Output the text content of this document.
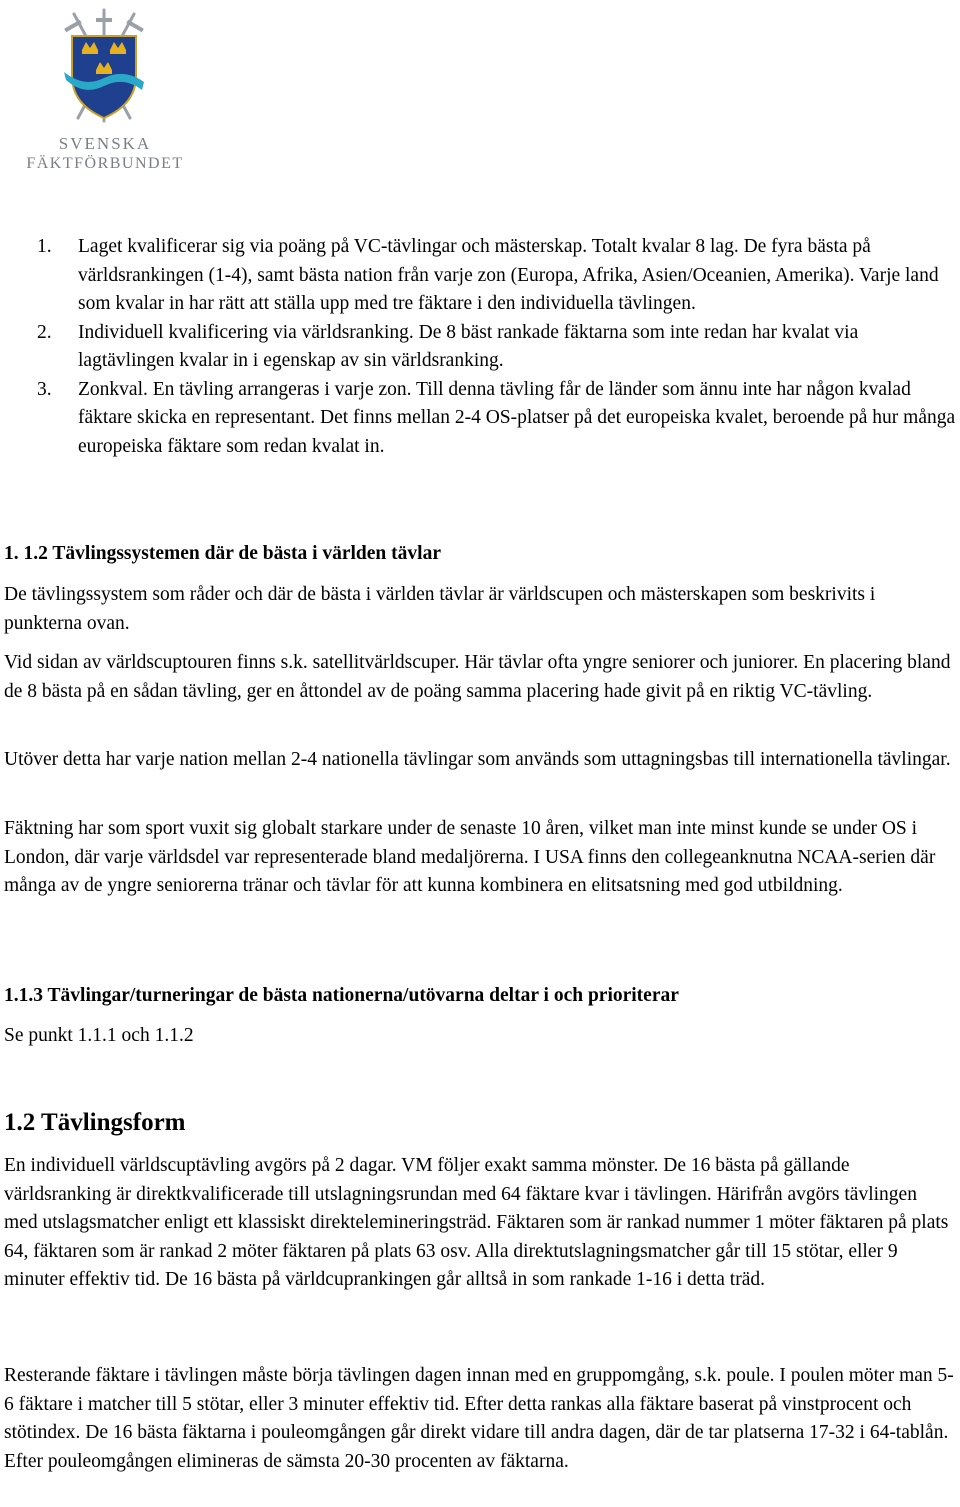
SVENSKA
FÄKTFÖRBUNDET
1. Laget kvalificerar sig via poäng på VC-tävlingar och mästerskap. Totalt kvalar 8 lag. De fyra bästa på världsrankingen (1-4), samt bästa nation från varje zon (Europa, Afrika, Asien/Oceanien, Amerika). Varje land som kvalar in har rätt att ställa upp med tre fäktare i den individuella tävlingen.
2. Individuell kvalificering via världsranking. De 8 bäst rankade fäktarna som inte redan har kvalat via lagtävlingen kvalar in i egenskap av sin världsranking.
3. Zonkval. En tävling arrangeras i varje zon. Till denna tävling får de länder som ännu inte har någon kvalad fäktare skicka en representant. Det finns mellan 2-4 OS-platser på det europeiska kvalet, beroende på hur många europeiska fäktare som redan kvalat in.
1. 1.2 Tävlingssystemen där de bästa i världen tävlar

De tävlingssystem som råder och där de bästa i världen tävlar är världscupen och mästerskapen som beskrivits i punkterna ovan.

Vid sidan av världscuptouren finns s.k. satellitvärldscuper. Här tävlar ofta yngre seniorer och juniorer. En placering bland de 8 bästa på en sådan tävling, ger en åttondel av de poäng samma placering hade givit på en riktig VC-tävling.

Utöver detta har varje nation mellan 2-4 nationella tävlingar som används som uttagningsbas till internationella tävlingar.

Fäktning har som sport vuxit sig globalt starkare under de senaste 10 åren, vilket man inte minst kunde se under OS i London, där varje världsdel var representerade bland medaljörerna. I USA finns den collegeanknutna NCAA-serien där många av de yngre seniorerna tränar och tävlar för att kunna kombinera en elitsatsning med god utbildning.

1.1.3 Tävlingar/turneringar de bästa nationerna/utövarna deltar i och prioriterar

Se punkt 1.1.1 och 1.1.2

1.2 Tävlingsform

En individuell världscuptävling avgörs på 2 dagar. VM följer exakt samma mönster. De 16 bästa på gällande världsranking är direktkvalificerade till utslagningsrundan med 64 fäktare kvar i tävlingen. Härifrån avgörs tävlingen med utslagsmatcher enligt ett klassiskt direktelemineringsträd. Fäktaren som är rankad nummer 1 möter fäktaren på plats 64, fäktaren som är rankad 2 möter fäktaren på plats 63 osv. Alla direktutslagningsmatcher går till 15 stötar, eller 9 minuter effektiv tid. De 16 bästa på världcuprankingen går alltså in som rankade 1-16 i detta träd.

Resterande fäktare i tävlingen måste börja tävlingen dagen innan med en gruppomgång, s.k. poule. I poulen möter man 5-6 fäktare i matcher till 5 stötar, eller 3 minuter effektiv tid. Efter detta rankas alla fäktare baserat på vinstprocent och stötindex. De 16 bästa fäktarna i pouleomgången går direkt vidare till andra dagen, där de tar platserna 17-32 i 64-tablån. Efter pouleomgången elimineras de sämsta 20-30 procenten av fäktarna.
